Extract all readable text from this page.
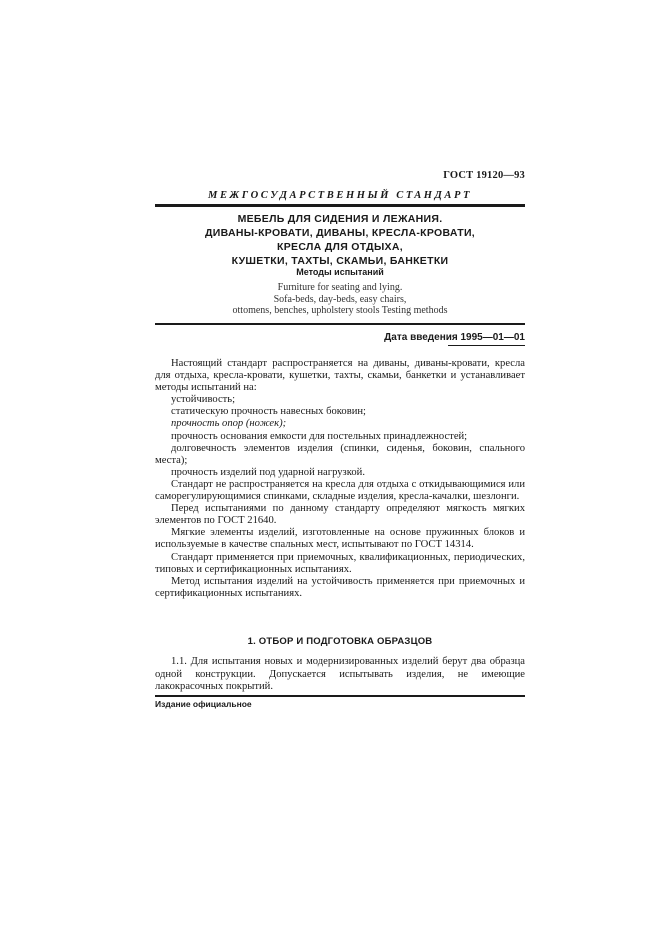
ГОСТ 19120—93
МЕЖГОСУДАРСТВЕННЫЙ СТАНДАРТ
МЕБЕЛЬ ДЛЯ СИДЕНИЯ И ЛЕЖАНИЯ.
ДИВАНЫ-КРОВАТИ, ДИВАНЫ, КРЕСЛА-КРОВАТИ,
КРЕСЛА ДЛЯ ОТДЫХА,
КУШЕТКИ, ТАХТЫ, СКАМЬИ, БАНКЕТКИ
Методы испытаний
Furniture for seating and lying.
Sofa-beds, day-beds, easy chairs,
ottomens, benches, upholstery stools Testing methods
Дата введения 1995—01—01

Настоящий стандарт распространяется на диваны, диваны-кровати, кресла для отдыха, кресла-кровати, кушетки, тахты, скамьи, банкетки и устанавливает методы испытаний на:

устойчивость;

статическую прочность навесных боковин;

прочность опор (ножек);

прочность основания емкости для постельных принадлежностей;

долговечность элементов изделия (спинки, сиденья, боковин, спального места);

прочность изделий под ударной нагрузкой.

Стандарт не распространяется на кресла для отдыха с откидывающимися или саморегулирующимися спинками, складные изделия, кресла-качалки, шезлонги.

Перед испытаниями по данному стандарту определяют мягкость мягких элементов по ГОСТ 21640.

Мягкие элементы изделий, изготовленные на основе пружинных блоков и используемые в качестве спальных мест, испытывают по ГОСТ 14314.

Стандарт применяется при приемочных, квалификационных, периодических, типовых и сертификационных испытаниях.

Метод испытания изделий на устойчивость применяется при приемочных и сертификационных испытаниях.

1. ОТБОР И ПОДГОТОВКА ОБРАЗЦОВ

1.1. Для испытания новых и модернизированных изделий берут два образца одной конструкции. Допускается испытывать изделия, не имеющие лакокрасочных покрытий.

Издание официальное
